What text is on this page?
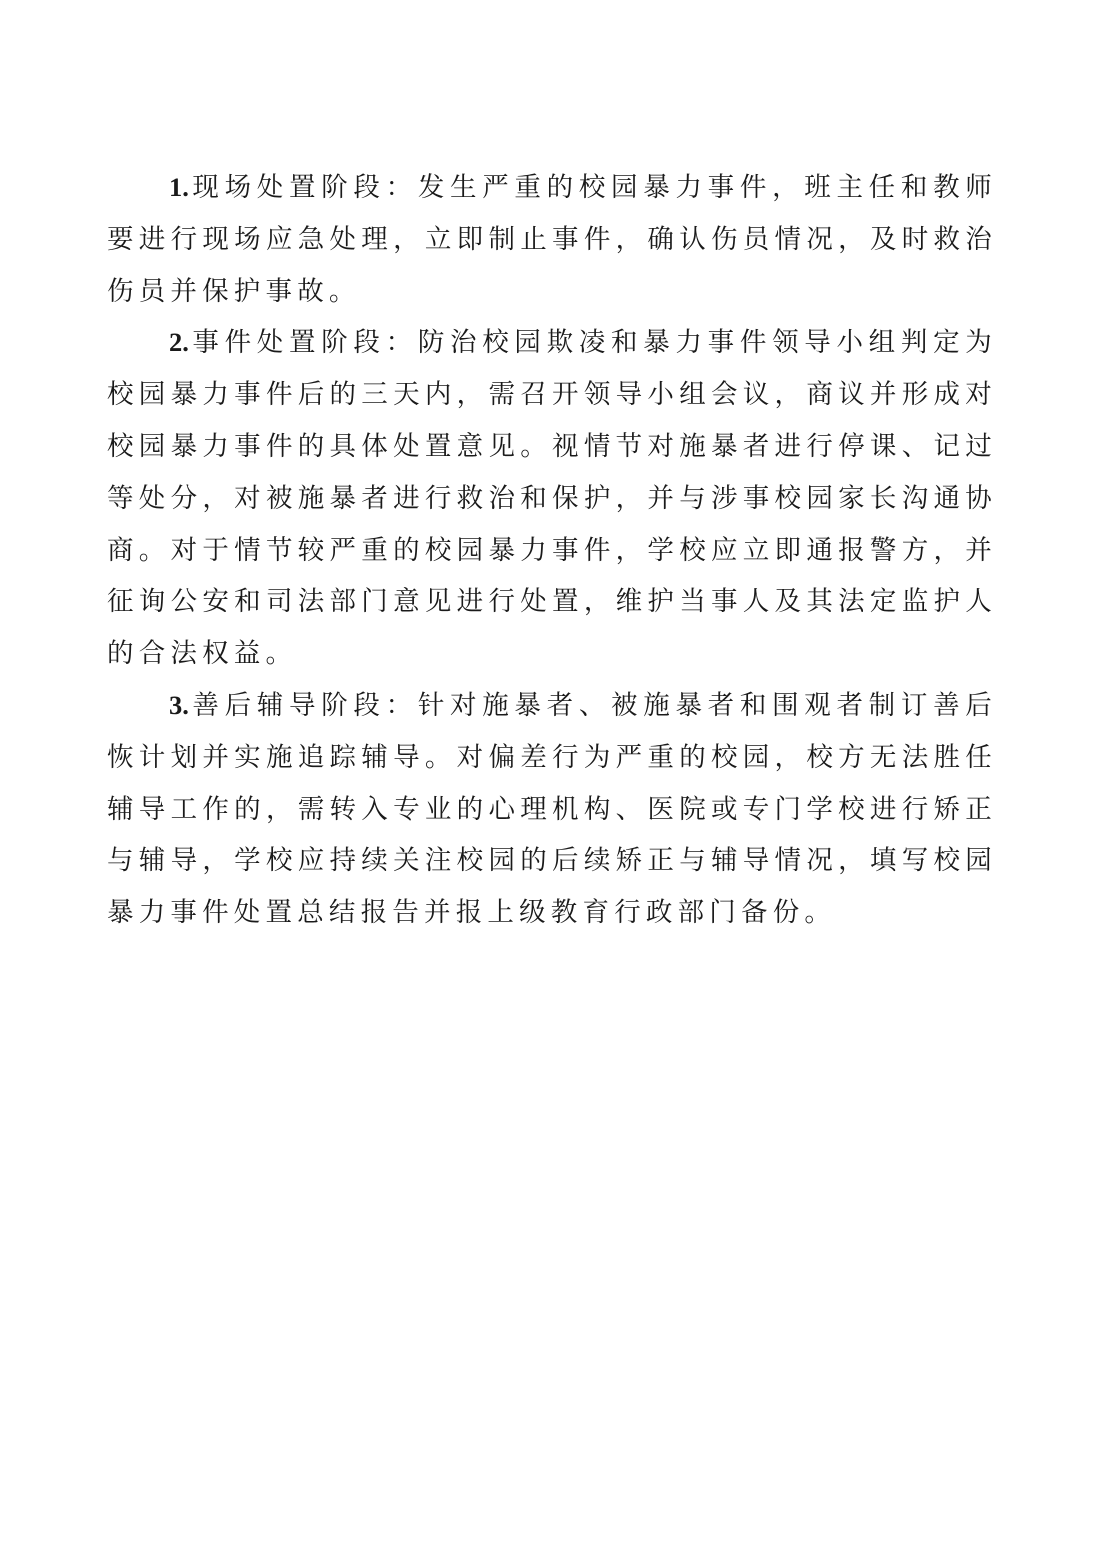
1. 现场处置阶段：发生严重的校园暴力事件，班主任和教师要进行现场应急处理，立即制止事件，确认伤员情况，及时救治伤员并保护事故。

2. 事件处置阶段：防治校园欺凌和暴力事件领导小组判定为校园暴力事件后的三天内，需召开领导小组会议，商议并形成对校园暴力事件的具体处置意见。视情节对施暴者进行停课、记过等处分，对被施暴者进行救治和保护，并与涉事校园家长沟通协商。对于情节较严重的校园暴力事件，学校应立即通报警方，并征询公安和司法部门意见进行处置，维护当事人及其法定监护人的合法权益。

3. 善后辅导阶段：针对施暴者、被施暴者和围观者制订善后恢计划并实施追踪辅导。对偏差行为严重的校园，校方无法胜任辅导工作的，需转入专业的心理机构、医院或专门学校进行矫正与辅导，学校应持续关注校园的后续矫正与辅导情况，填写校园暴力事件处置总结报告并报上级教育行政部门备份。
